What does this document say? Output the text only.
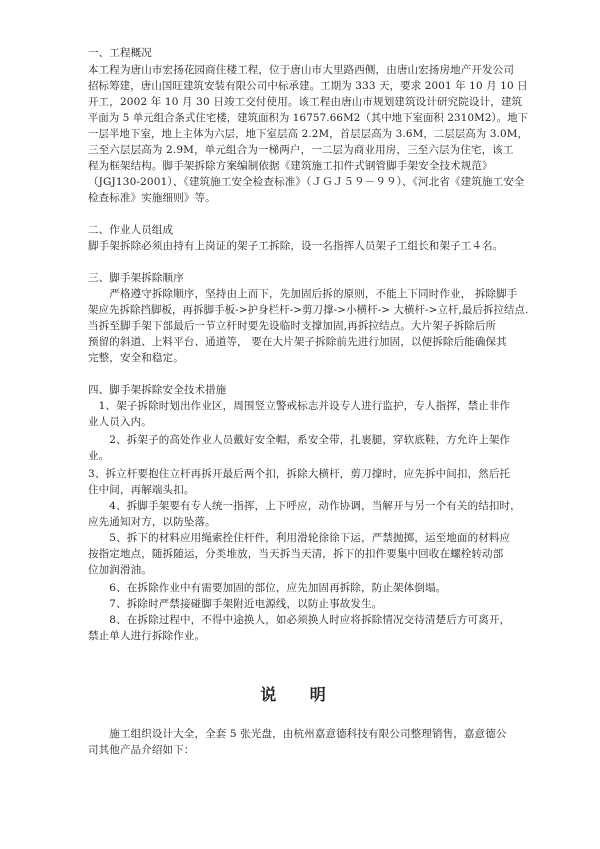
一、工程概况
本工程为唐山市宏扬花园商住楼工程，位于唐山市大里路西侧，由唐山宏扬房地产开发公司
招标筹建，唐山国旺建筑安装有限公司中标承建。工期为 333 天，要求 2001 年 10 月 10 日
开工，2002 年 10 月 30 日竣工交付使用。该工程由唐山市规划建筑设计研究院设计，建筑
平面为 5 单元组合条式住宅楼，建筑面积为 16757.66M2（其中地下室面积 2310M2）。地下
一层半地下室，地上主体为六层，地下室层高 2.2M，首层层高为 3.6M，二层层高为 3.0M，
三至六层层高为 2.9M，单元组合为一梯两户，一二层为商业用房，三至六层为住宅，该工
程为框架结构。脚手架拆除方案编制依据《建筑施工扣件式钢管脚手架安全技术规范》
（JGJ130-2001）、《建筑施工安全检查标准》（ＪＧＪ５９－９９）、《河北省《建筑施工安全
检查标准》实施细则》等。
二、作业人员组成
脚手架拆除必须由持有上岗证的架子工拆除，设一名指挥人员架子工组长和架子工４名。
三、脚手架拆除顺序
　　严格遵守拆除顺序，坚持由上而下，先加固后拆的原则，不能上下同时作业， 拆除脚手
架应先拆除挡脚板，再拆脚手板->护身栏杆->剪刀撑->小横杆-> 大横杆->立杆,最后拆拉结点.
当拆至脚手架下部最后一节立杆时要先设临时支撑加固,再拆拉结点。大片架子拆除后所
预留的斜道、上料平台、通道等， 要在大片架子拆除前先进行加固，以便拆除后能确保其
完整，安全和稳定。
四、脚手架拆除安全技术措施
　1、架子拆除时划出作业区，周围竖立警戒标志并设专人进行监护，专人指挥，禁止非作
业人员入内。
　　2、拆架子的高处作业人员戴好安全帽，系安全带，扎裹腿，穿软底鞋，方允许上架作
业。
3、拆立杆要抱住立杆再拆开最后两个扣，拆除大横杆，剪刀撑时，应先拆中间扣，然后托
住中间，再解端头扣。
　　4、拆脚手架要有专人统一指挥，上下呼应，动作协调，当解开与另一个有关的结扣时，
应先通知对方，以防坠落。
　　5、拆下的材料应用绳索拴住杆件，利用滑轮徐徐下运，严禁抛掷，运至地面的材料应
按指定地点，随拆随运，分类堆放，当天拆当天清，拆下的扣件要集中回收在螺栓转动部
位加润滑油。
　　6、在拆除作业中有需要加固的部位，应先加固再拆除，防止架体倒塌。
　　7、拆除时严禁接碰脚手架附近电源线，以防止事故发生。
　　8、在拆除过程中，不得中途换人，如必须换人时应将拆除情况交待清楚后方可离开，
禁止单人进行拆除作业。
说 明
　　施工组织设计大全，全套 5 张光盘，由杭州嘉意德科技有限公司整理销售，嘉意德公
司其他产品介绍如下：
